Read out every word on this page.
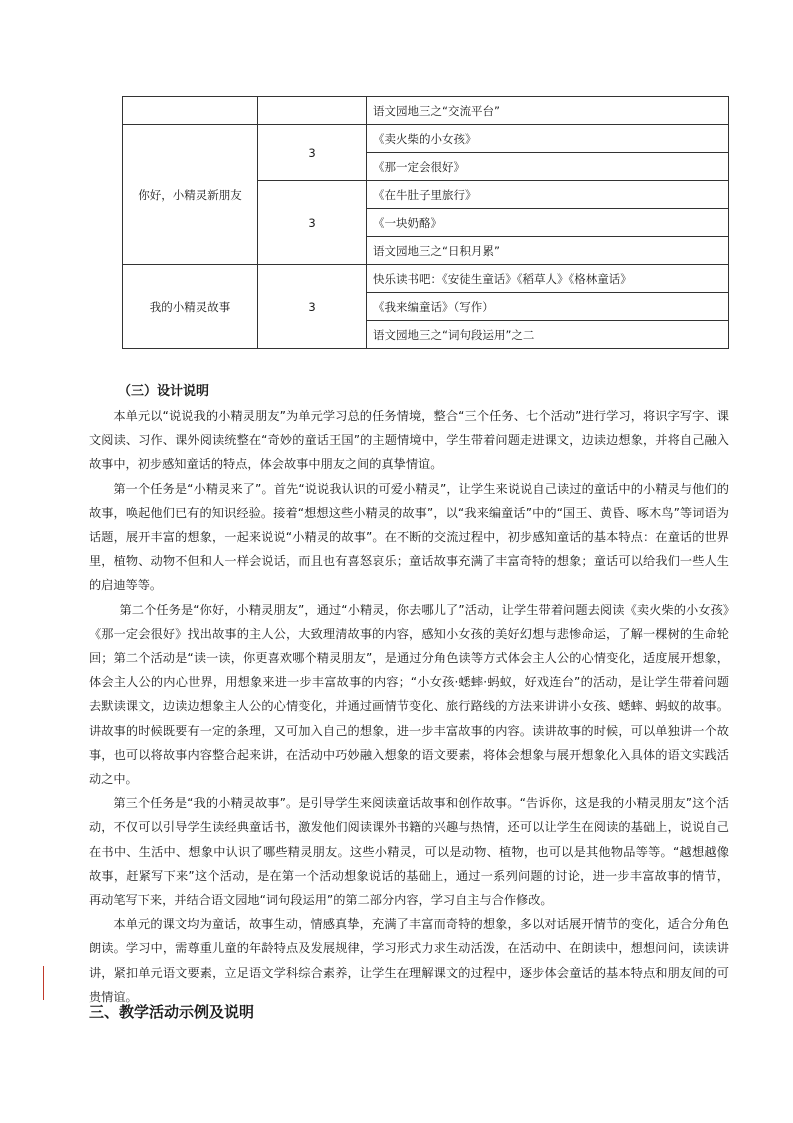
		语文园地三之“交流平台”
你好，小精灵新朋友	3	《卖火柴的小女孩》
		《那一定会很好》
	3	《在牛肚子里旅行》
		《一块奶酪》
		语文园地三之“日积月累”
我的小精灵故事	3	快乐读书吧：《安徒生童话》《稻草人》《格林童话》
		《我来编童话》（写作）
		语文园地三之“词句段运用”之二
（三）设计说明

本单元以“说说我的小精灵朋友”为单元学习总的任务情境，整合“三个任务、七个活动”进行学习，将识字写字、课文阅读、习作、课外阅读统整在“奇妙的童话王国”的主题情境中，学生带着问题走进课文，边读边想象，并将自己融入故事中，初步感知童话的特点，体会故事中朋友之间的真挚情谊。

第一个任务是“小精灵来了”。首先“说说我认识的可爱小精灵”，让学生来说说自己读过的童话中的小精灵与他们的故事，唤起他们已有的知识经验。接着“想想这些小精灵的故事”，以“我来编童话”中的“国王、黄昏、啄木鸟”等词语为话题，展开丰富的想象，一起来说说“小精灵的故事”。在不断的交流过程中，初步感知童话的基本特点：在童话的世界里，植物、动物不但和人一样会说话，而且也有喜怒哀乐；童话故事充满了丰富奇特的想象；童话可以给我们一些人生的启迪等等。

第二个任务是“你好，小精灵朋友”，通过“小精灵，你去哪儿了”活动，让学生带着问题去阅读《卖火柴的小女孩》《那一定会很好》找出故事的主人公，大致理清故事的内容，感知小女孩的美好幻想与悲惨命运，了解一棵树的生命轮回；第二个活动是“读一读，你更喜欢哪个精灵朋友”，是通过分角色读等方式体会主人公的心情变化，适度展开想象，体会主人公的内心世界，用想象来进一步丰富故事的内容；“小女孩·蟋蟀·蚂蚁，好戏连台”的活动，是让学生带着问题去默读课文，边读边想象主人公的心情变化，并通过画情节变化、旅行路线的方法来讲讲小女孩、蟋蟀、蚂蚁的故事。讲故事的时候既要有一定的条理，又可加入自己的想象，进一步丰富故事的内容。读讲故事的时候，可以单独讲一个故事，也可以将故事内容整合起来讲，在活动中巧妙融入想象的语文要素，将体会想象与展开想象化入具体的语文实践活动之中。

第三个任务是“我的小精灵故事”。是引导学生来阅读童话故事和创作故事。“告诉你，这是我的小精灵朋友”这个活动，不仅可以引导学生读经典童话书，激发他们阅读课外书籍的兴趣与热情，还可以让学生在阅读的基础上，说说自己在书中、生活中、想象中认识了哪些精灵朋友。这些小精灵，可以是动物、植物，也可以是其他物品等等。“越想越像故事，赶紧写下来”这个活动，是在第一个活动想象说话的基础上，通过一系列问题的讨论，进一步丰富故事的情节，再动笔写下来，并结合语文园地“词句段运用”的第二部分内容，学习自主与合作修改。

本单元的课文均为童话，故事生动，情感真挚，充满了丰富而奇特的想象，多以对话展开情节的变化，适合分角色朗读。学习中，需尊重儿童的年龄特点及发展规律，学习形式力求生动活泼，在活动中、在朗读中，想想问问，读读讲讲，紧扣单元语文要素，立足语文学科综合素养，让学生在理解课文的过程中，逐步体会童话的基本特点和朋友间的可贵情谊。

三、教学活动示例及说明
